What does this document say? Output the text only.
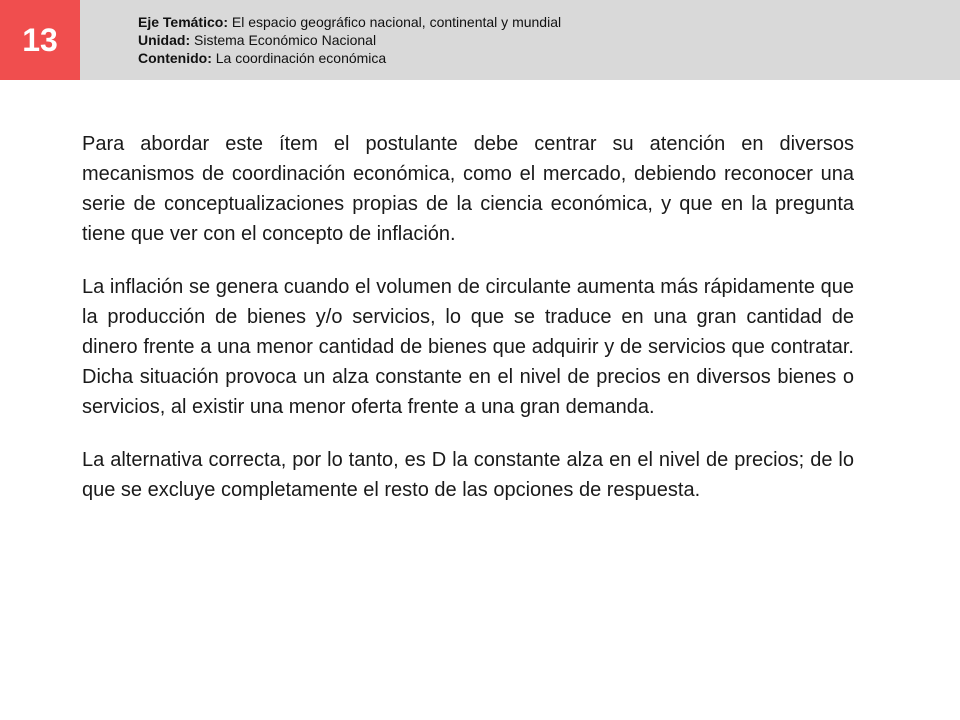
13	Eje Temático: El espacio geográfico nacional, continental y mundial
Unidad: Sistema Económico Nacional
Contenido: La coordinación económica

Para abordar este ítem el postulante debe centrar su atención en diversos mecanismos de coordinación económica, como el mercado, debiendo reconocer una serie de conceptualizaciones propias de la ciencia económica, y que en la pregunta tiene que ver con el concepto de inflación.

La inflación se genera cuando el volumen de circulante aumenta más rápidamente que la producción de bienes y/o servicios, lo que se traduce en una gran cantidad de dinero frente a una menor cantidad de bienes que adquirir y de servicios que contratar. Dicha situación provoca un alza constante en el nivel de precios en diversos bienes o servicios, al existir una menor oferta frente a una gran demanda.

La alternativa correcta, por lo tanto, es D la constante alza en el nivel de precios; de lo que se excluye completamente el resto de las opciones de respuesta.
